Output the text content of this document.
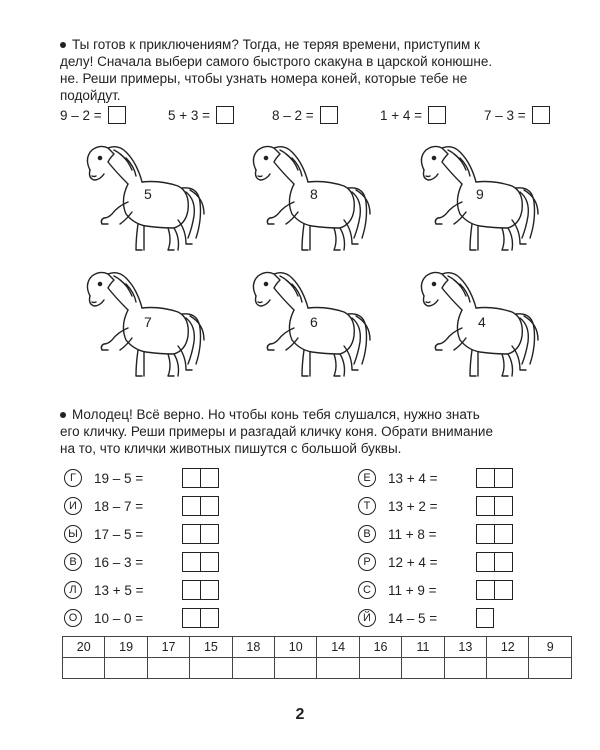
Ты готов к приключениям? Тогда, не теряя времени, приступим к
делу! Сначала выбери самого быстрого скакуна в царской конюшне.
не. Реши примеры, чтобы узнать номера коней, которые тебе не
подойдут.
9 – 2 =	5 + 3 =	8 – 2 =	1 + 4 =	7 – 3 =
5	8	9
7	6	4
Молодец! Всё верно. Но чтобы конь тебя слушался, нужно знать
его кличку. Реши примеры и разгадай кличку коня. Обрати внимание
на то, что клички животных пишутся с большой буквы.
Г	19 – 5 =
И	18 – 7 =
Ы	17 – 5 =
В	16 – 3 =
Л	13 + 5 =
О	10 – 0 =
Е	13 + 4 =
Т	13 + 2 =
В	11 + 8 =
Р	12 + 4 =
С	11 + 9 =
Й	14 – 5 =
20	19	17	15	18	10	14	16	11	13	12	9

2
